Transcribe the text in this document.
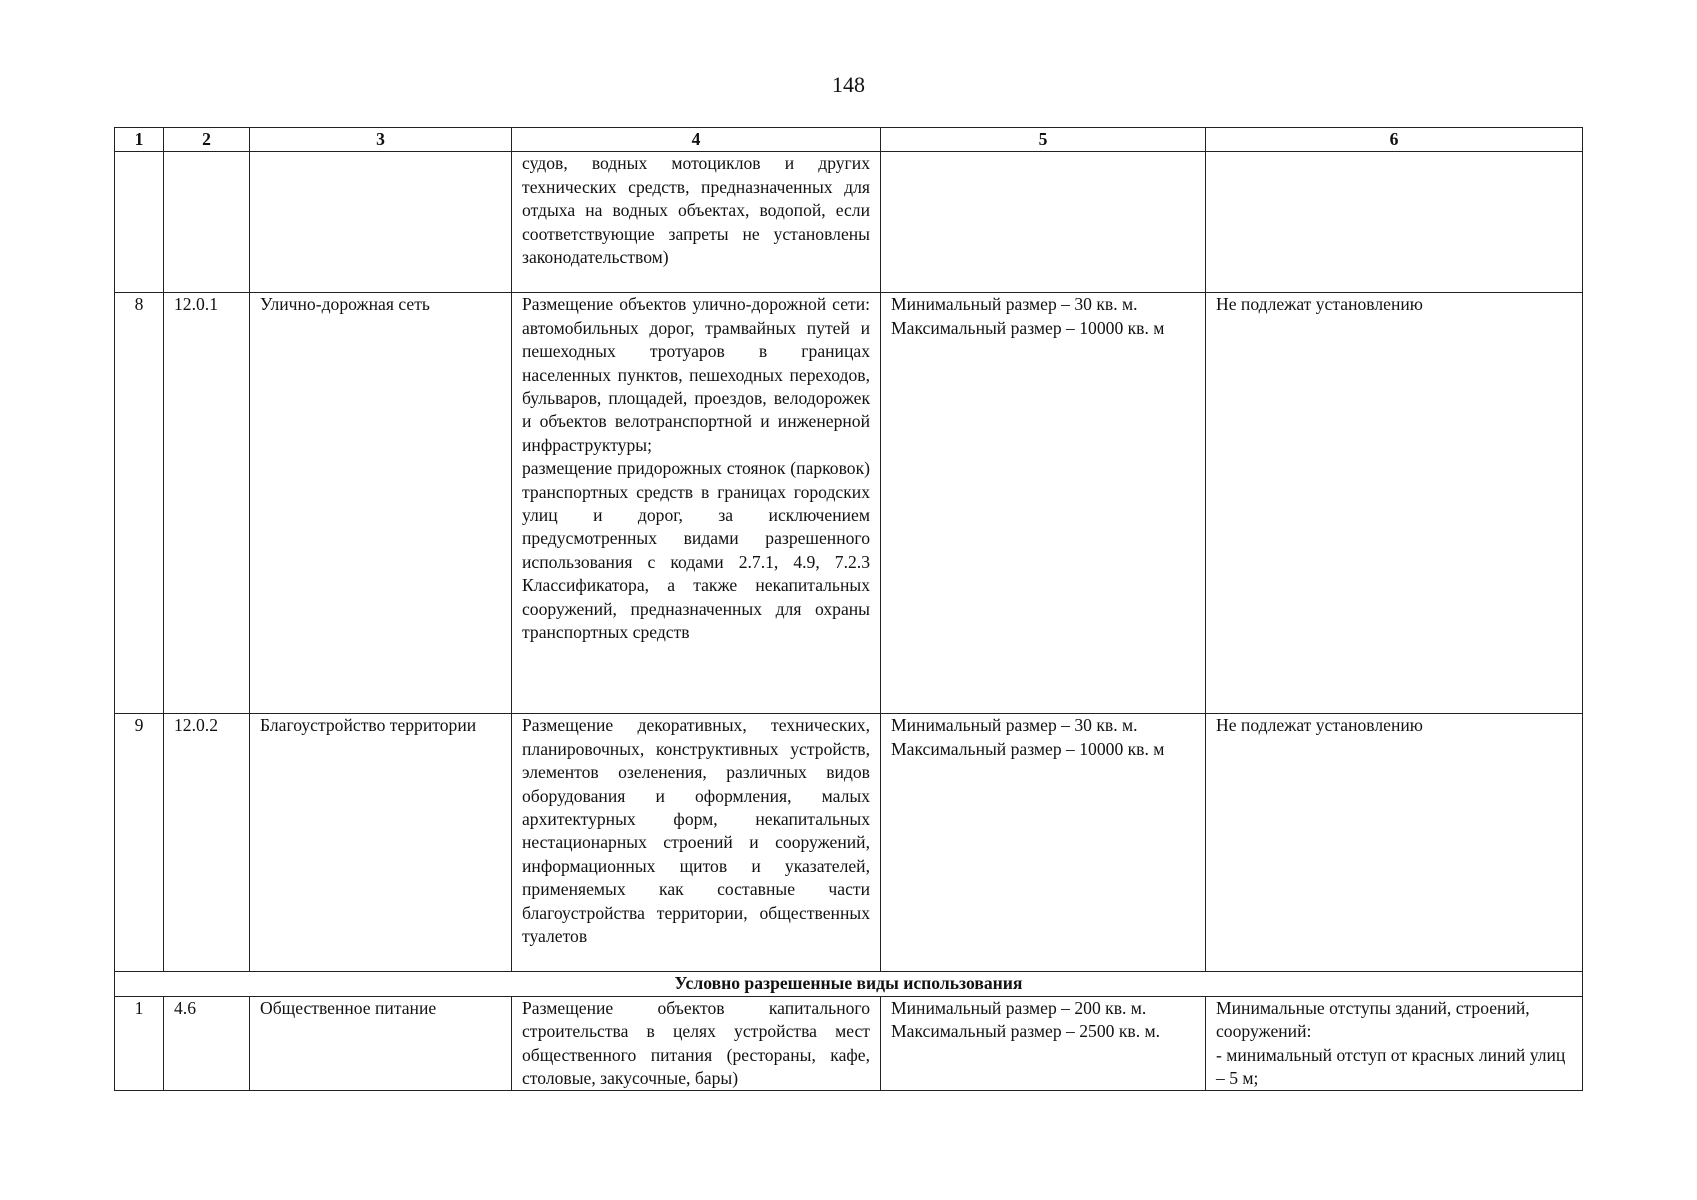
148
1	2	3	4	5	6

			судов, водных мотоциклов и других технических средств, предназначенных для отдыха на водных объектах, водопой, если соответствующие запреты не установлены законодательством)		

8	12.0.1	Улично-дорожная сеть	Размещение объектов улично-дорожной сети: автомобильных дорог, трамвайных путей и пешеходных тротуаров в границах населенных пунктов, пешеходных переходов, бульваров, площадей, проездов, велодорожек и объектов велотранспортной и инженерной инфраструктуры;
размещение придорожных стоянок (парковок) транспортных средств в границах городских улиц и дорог, за исключением предусмотренных видами разрешенного использования с кодами 2.7.1, 4.9, 7.2.3 Классификатора, а также некапитальных сооружений, предназначенных для охраны транспортных средств	Минимальный размер – 30 кв. м.
Максимальный размер – 10000 кв. м	Не подлежат установлению
9	12.0.2	Благоустройство территории	Размещение декоративных, технических, планировочных, конструктивных устройств, элементов озеленения, различных видов оборудования и оформления, малых архитектурных форм, некапитальных нестационарных строений и сооружений, информационных щитов и указателей, применяемых как составные части благоустройства территории, общественных туалетов	Минимальный размер – 30 кв. м.
Максимальный размер – 10000 кв. м	Не подлежат установлению
Условно разрешенные виды использования					
1	4.6	Общественное питание	Размещение объектов капитального строительства в целях устройства мест общественного питания (рестораны, кафе, столовые, закусочные, бары)	Минимальный размер – 200 кв. м.
Максимальный размер – 2500 кв. м.	Минимальные отступы зданий, строений, сооружений:
- минимальный отступ от красных линий улиц – 5 м;
